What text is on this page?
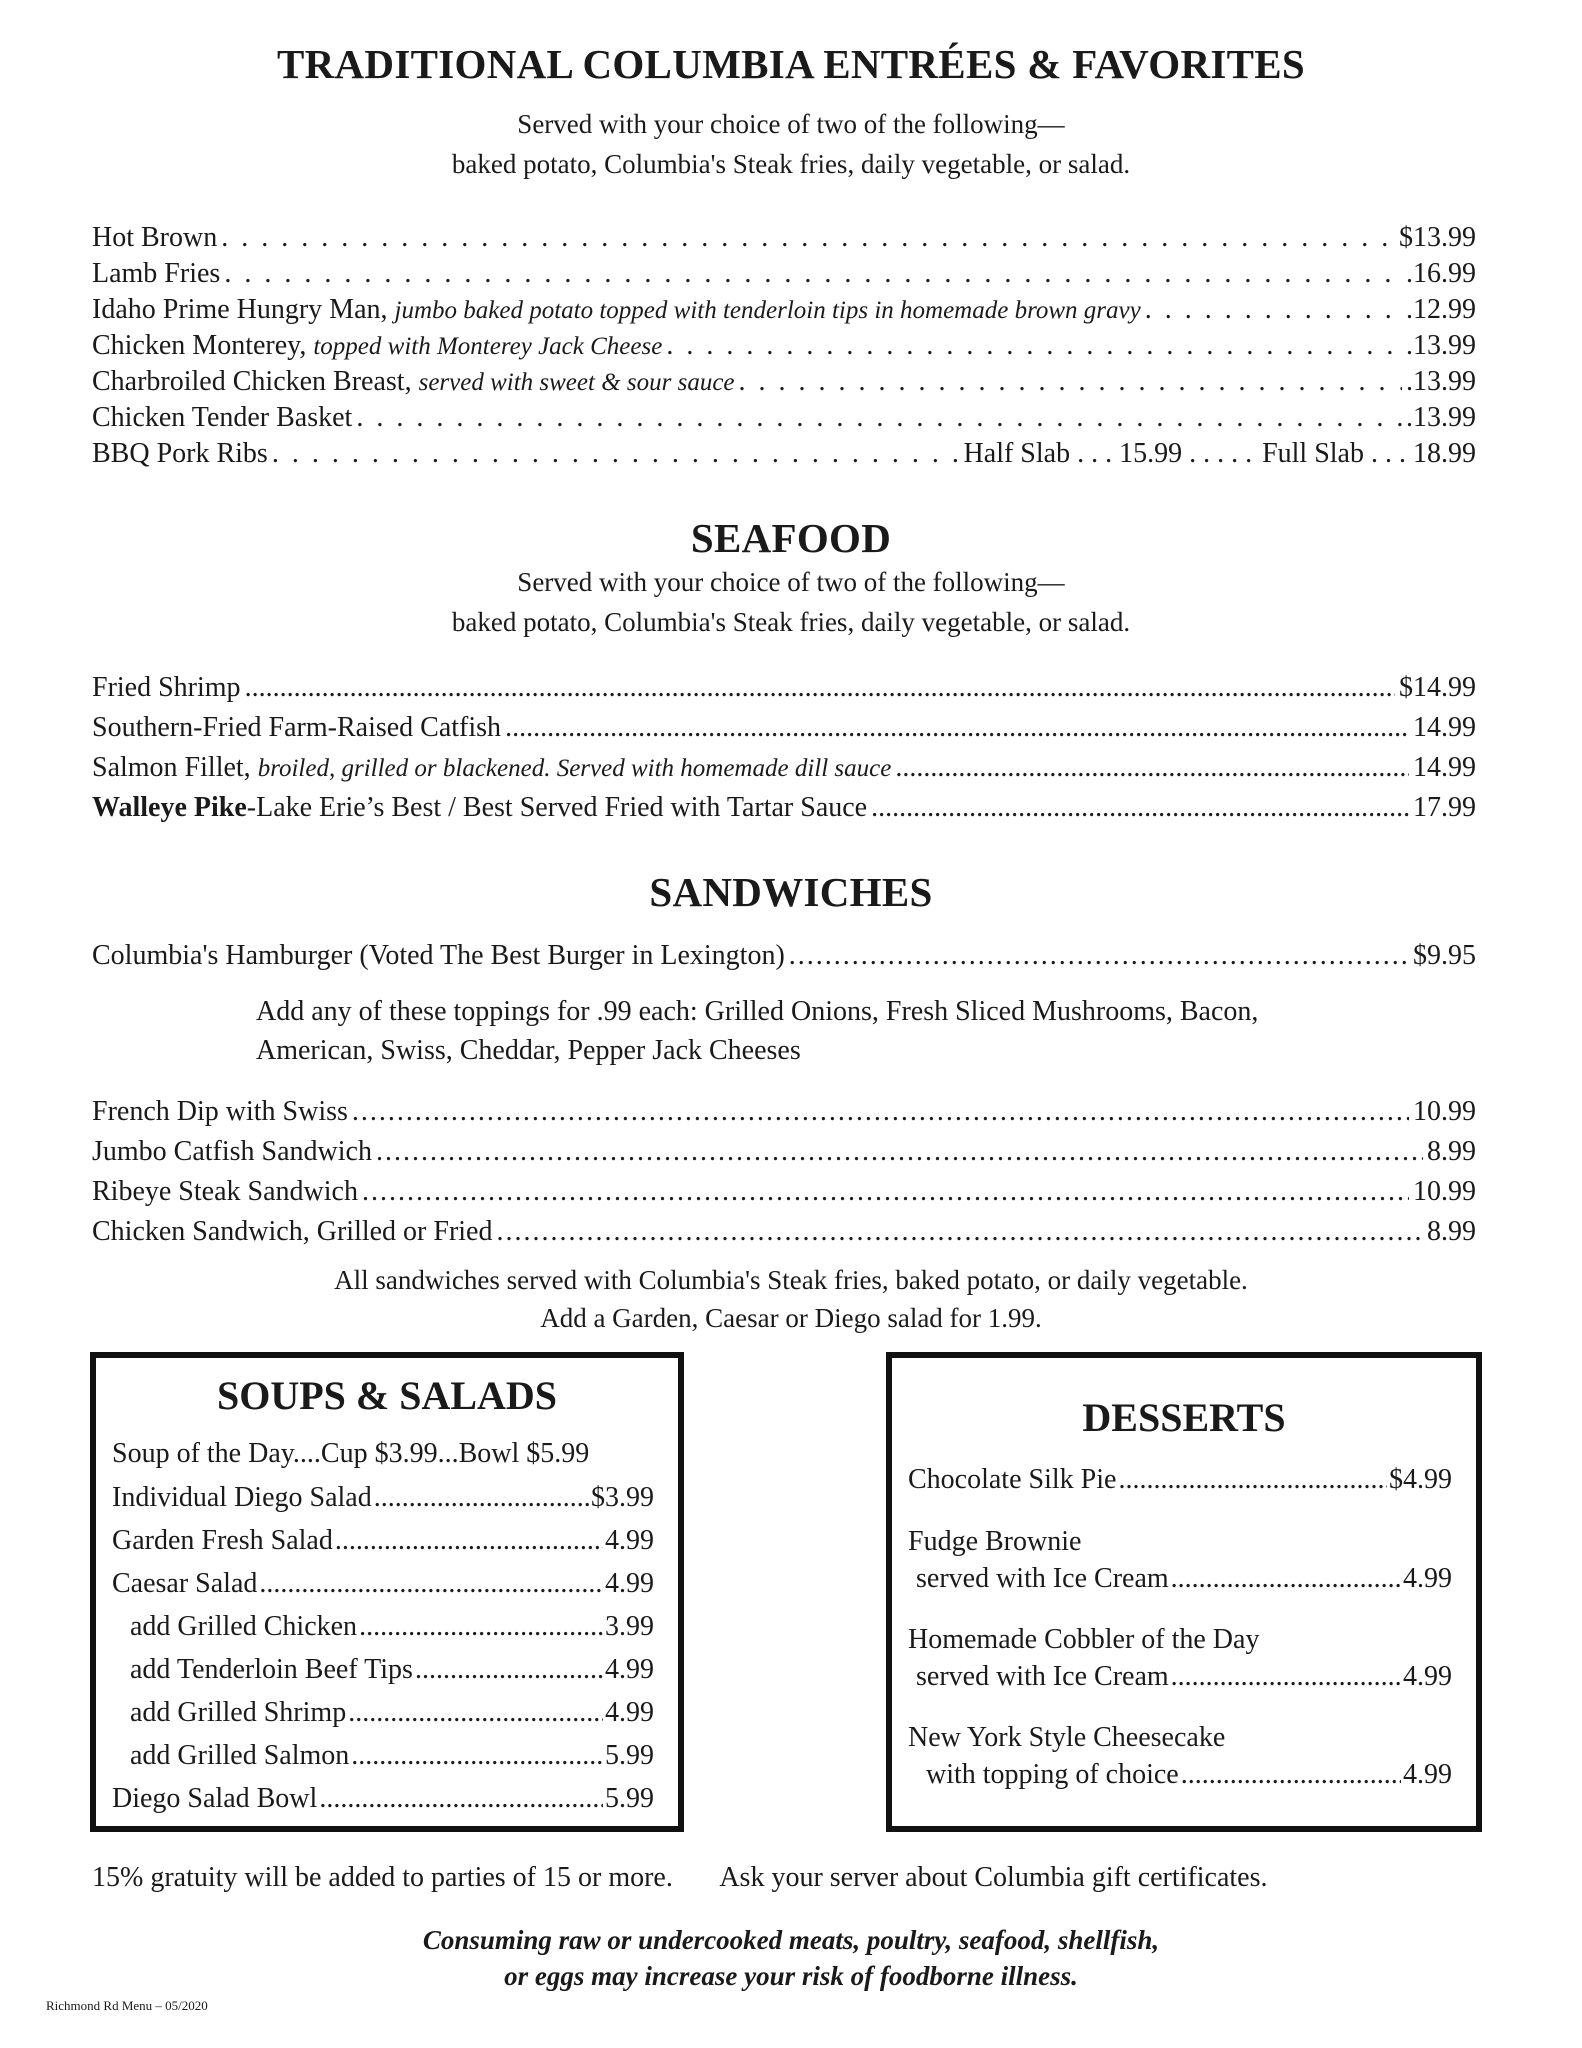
TRADITIONAL COLUMBIA ENTRÉES & FAVORITES
Served with your choice of two of the following—
baked potato, Columbia's Steak fries, daily vegetable, or salad.
Hot Brown . . .	$13.99
Lamb Fries . . .	.16.99
Idaho Prime Hungry Man, jumbo baked potato topped with tenderloin tips in homemade brown gravy . . .	.12.99
Chicken Monterey, topped with Monterey Jack Cheese . . .	.13.99
Charbroiled Chicken Breast, served with sweet & sour sauce . . .	.13.99
Chicken Tender Basket . . .	.13.99
BBQ Pork Ribs . . .	Half Slab . . . 15.99 . . . . . Full Slab . . . 18.99
SEAFOOD
Served with your choice of two of the following—
baked potato, Columbia's Steak fries, daily vegetable, or salad.
Fried Shrimp .....	$14.99
Southern-Fried Farm-Raised Catfish .....	14.99
Salmon Fillet, broiled, grilled or blackened. Served with homemade dill sauce .....	14.99
Walleye Pike -Lake Erie’s Best / Best Served Fried with Tartar Sauce .....	17.99
SANDWICHES
Columbia's Hamburger (Voted The Best Burger in Lexington) .....	$9.95
Add any of these toppings for .99 each: Grilled Onions, Fresh Sliced Mushrooms, Bacon,
American, Swiss, Cheddar, Pepper Jack Cheeses
French Dip with Swiss .....	10.99
Jumbo Catfish Sandwich .....	8.99
Ribeye Steak Sandwich .....	10.99
Chicken Sandwich, Grilled or Fried .....	8.99
All sandwiches served with Columbia's Steak fries, baked potato, or daily vegetable.
Add a Garden, Caesar or Diego salad for 1.99.
SOUPS & SALADS
Soup of the Day....Cup $3.99...Bowl $5.99
Individual Diego Salad .....	$3.99
Garden Fresh Salad .....	4.99
Caesar Salad .....	4.99
add Grilled Chicken .....	3.99
add Tenderloin Beef Tips .....	4.99
add Grilled Shrimp .....	4.99
add Grilled Salmon .....	5.99
Diego Salad Bowl .....	5.99
DESSERTS
Chocolate Silk Pie .....	$4.99
Fudge Brownie
served with Ice Cream .....	4.99
Homemade Cobbler of the Day
served with Ice Cream .....	4.99
New York Style Cheesecake
with topping of choice .....	4.99
15% gratuity will be added to parties of 15 or more. Ask your server about Columbia gift certificates.
Consuming raw or undercooked meats, poultry, seafood, shellfish,
or eggs may increase your risk of foodborne illness.
Richmond Rd Menu – 05/2020
